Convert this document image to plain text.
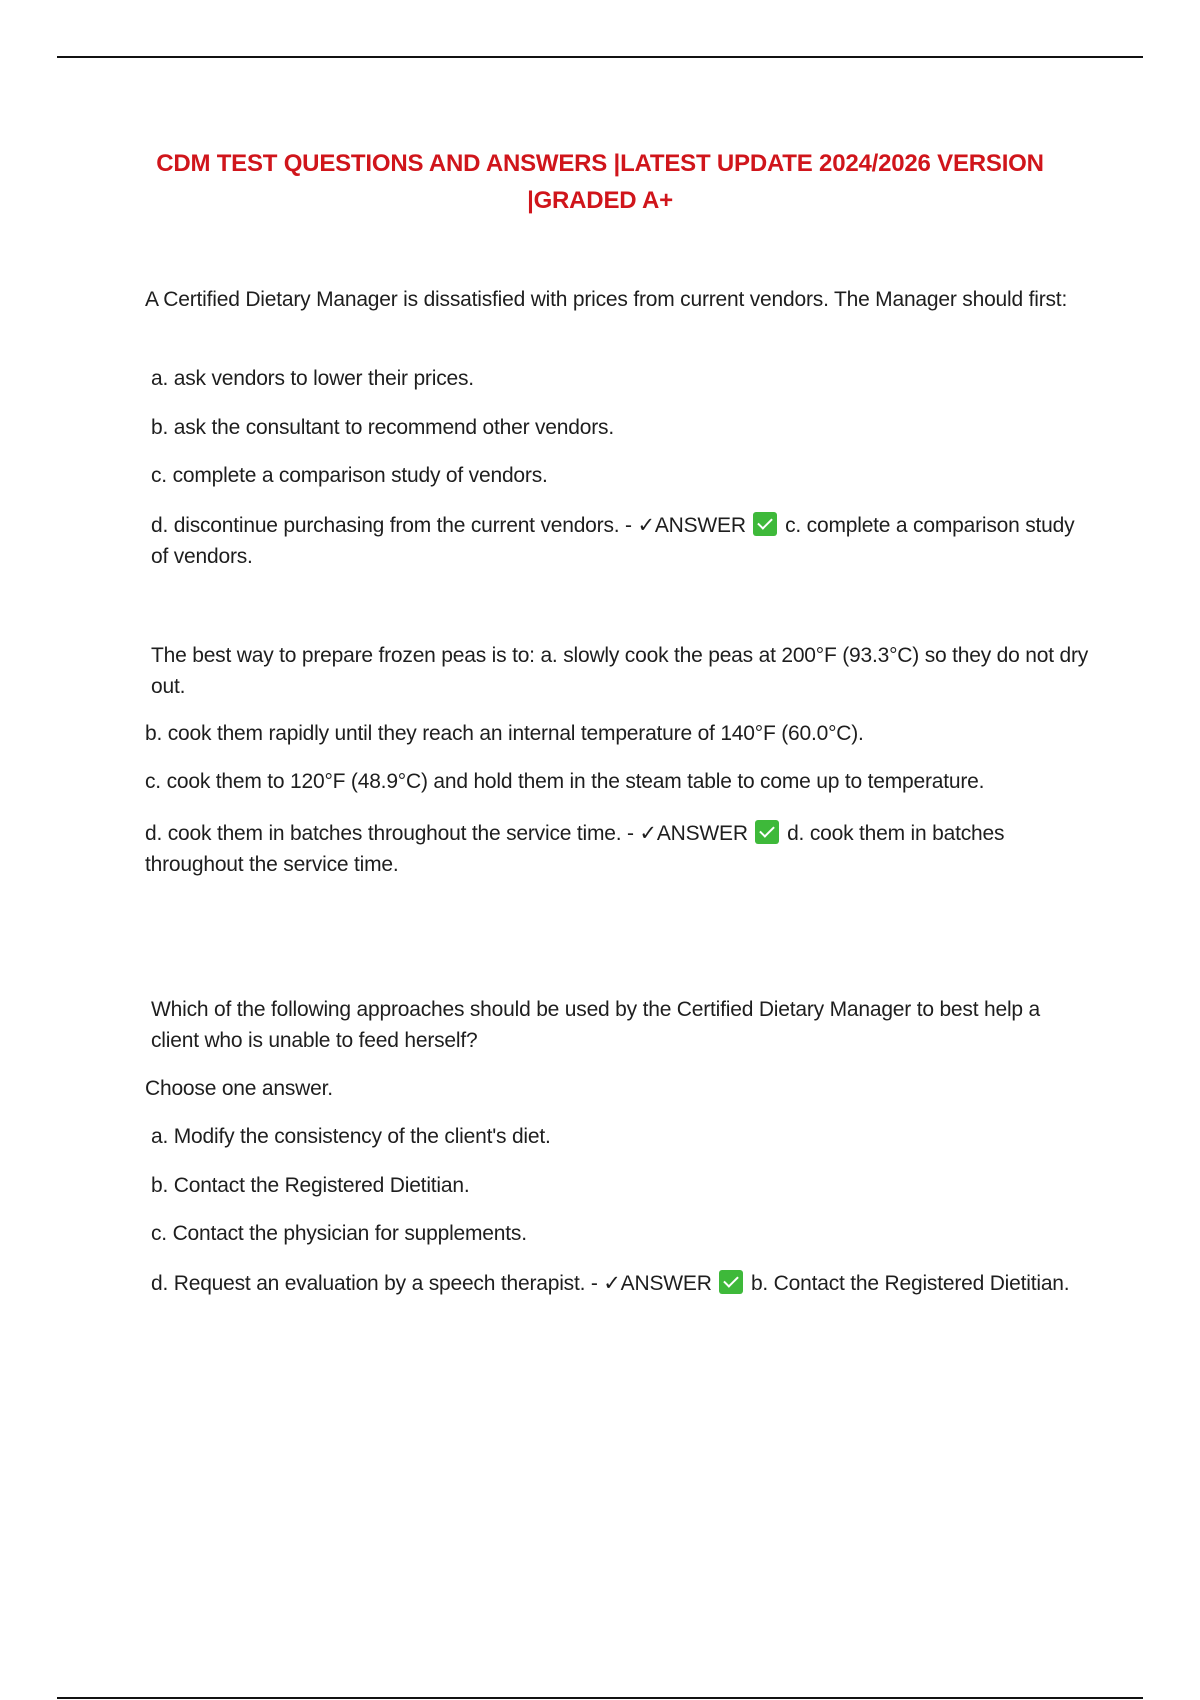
CDM TEST QUESTIONS AND ANSWERS |LATEST UPDATE 2024/2026 VERSION
|GRADED A+

A Certified Dietary Manager is dissatisfied with prices from current vendors. The Manager should first:

a. ask vendors to lower their prices.

b. ask the consultant to recommend other vendors.

c. complete a comparison study of vendors.

d. discontinue purchasing from the current vendors. - ✓ANSWER c. complete a comparison study of vendors.

The best way to prepare frozen peas is to: a. slowly cook the peas at 200°F (93.3°C) so they do not dry out.

b. cook them rapidly until they reach an internal temperature of 140°F (60.0°C).

c. cook them to 120°F (48.9°C) and hold them in the steam table to come up to temperature.

d. cook them in batches throughout the service time. - ✓ANSWER d. cook them in batches throughout the service time.

Which of the following approaches should be used by the Certified Dietary Manager to best help a client who is unable to feed herself?

Choose one answer.

a. Modify the consistency of the client's diet.

b. Contact the Registered Dietitian.

c. Contact the physician for supplements.

d. Request an evaluation by a speech therapist. - ✓ANSWER b. Contact the Registered Dietitian.
